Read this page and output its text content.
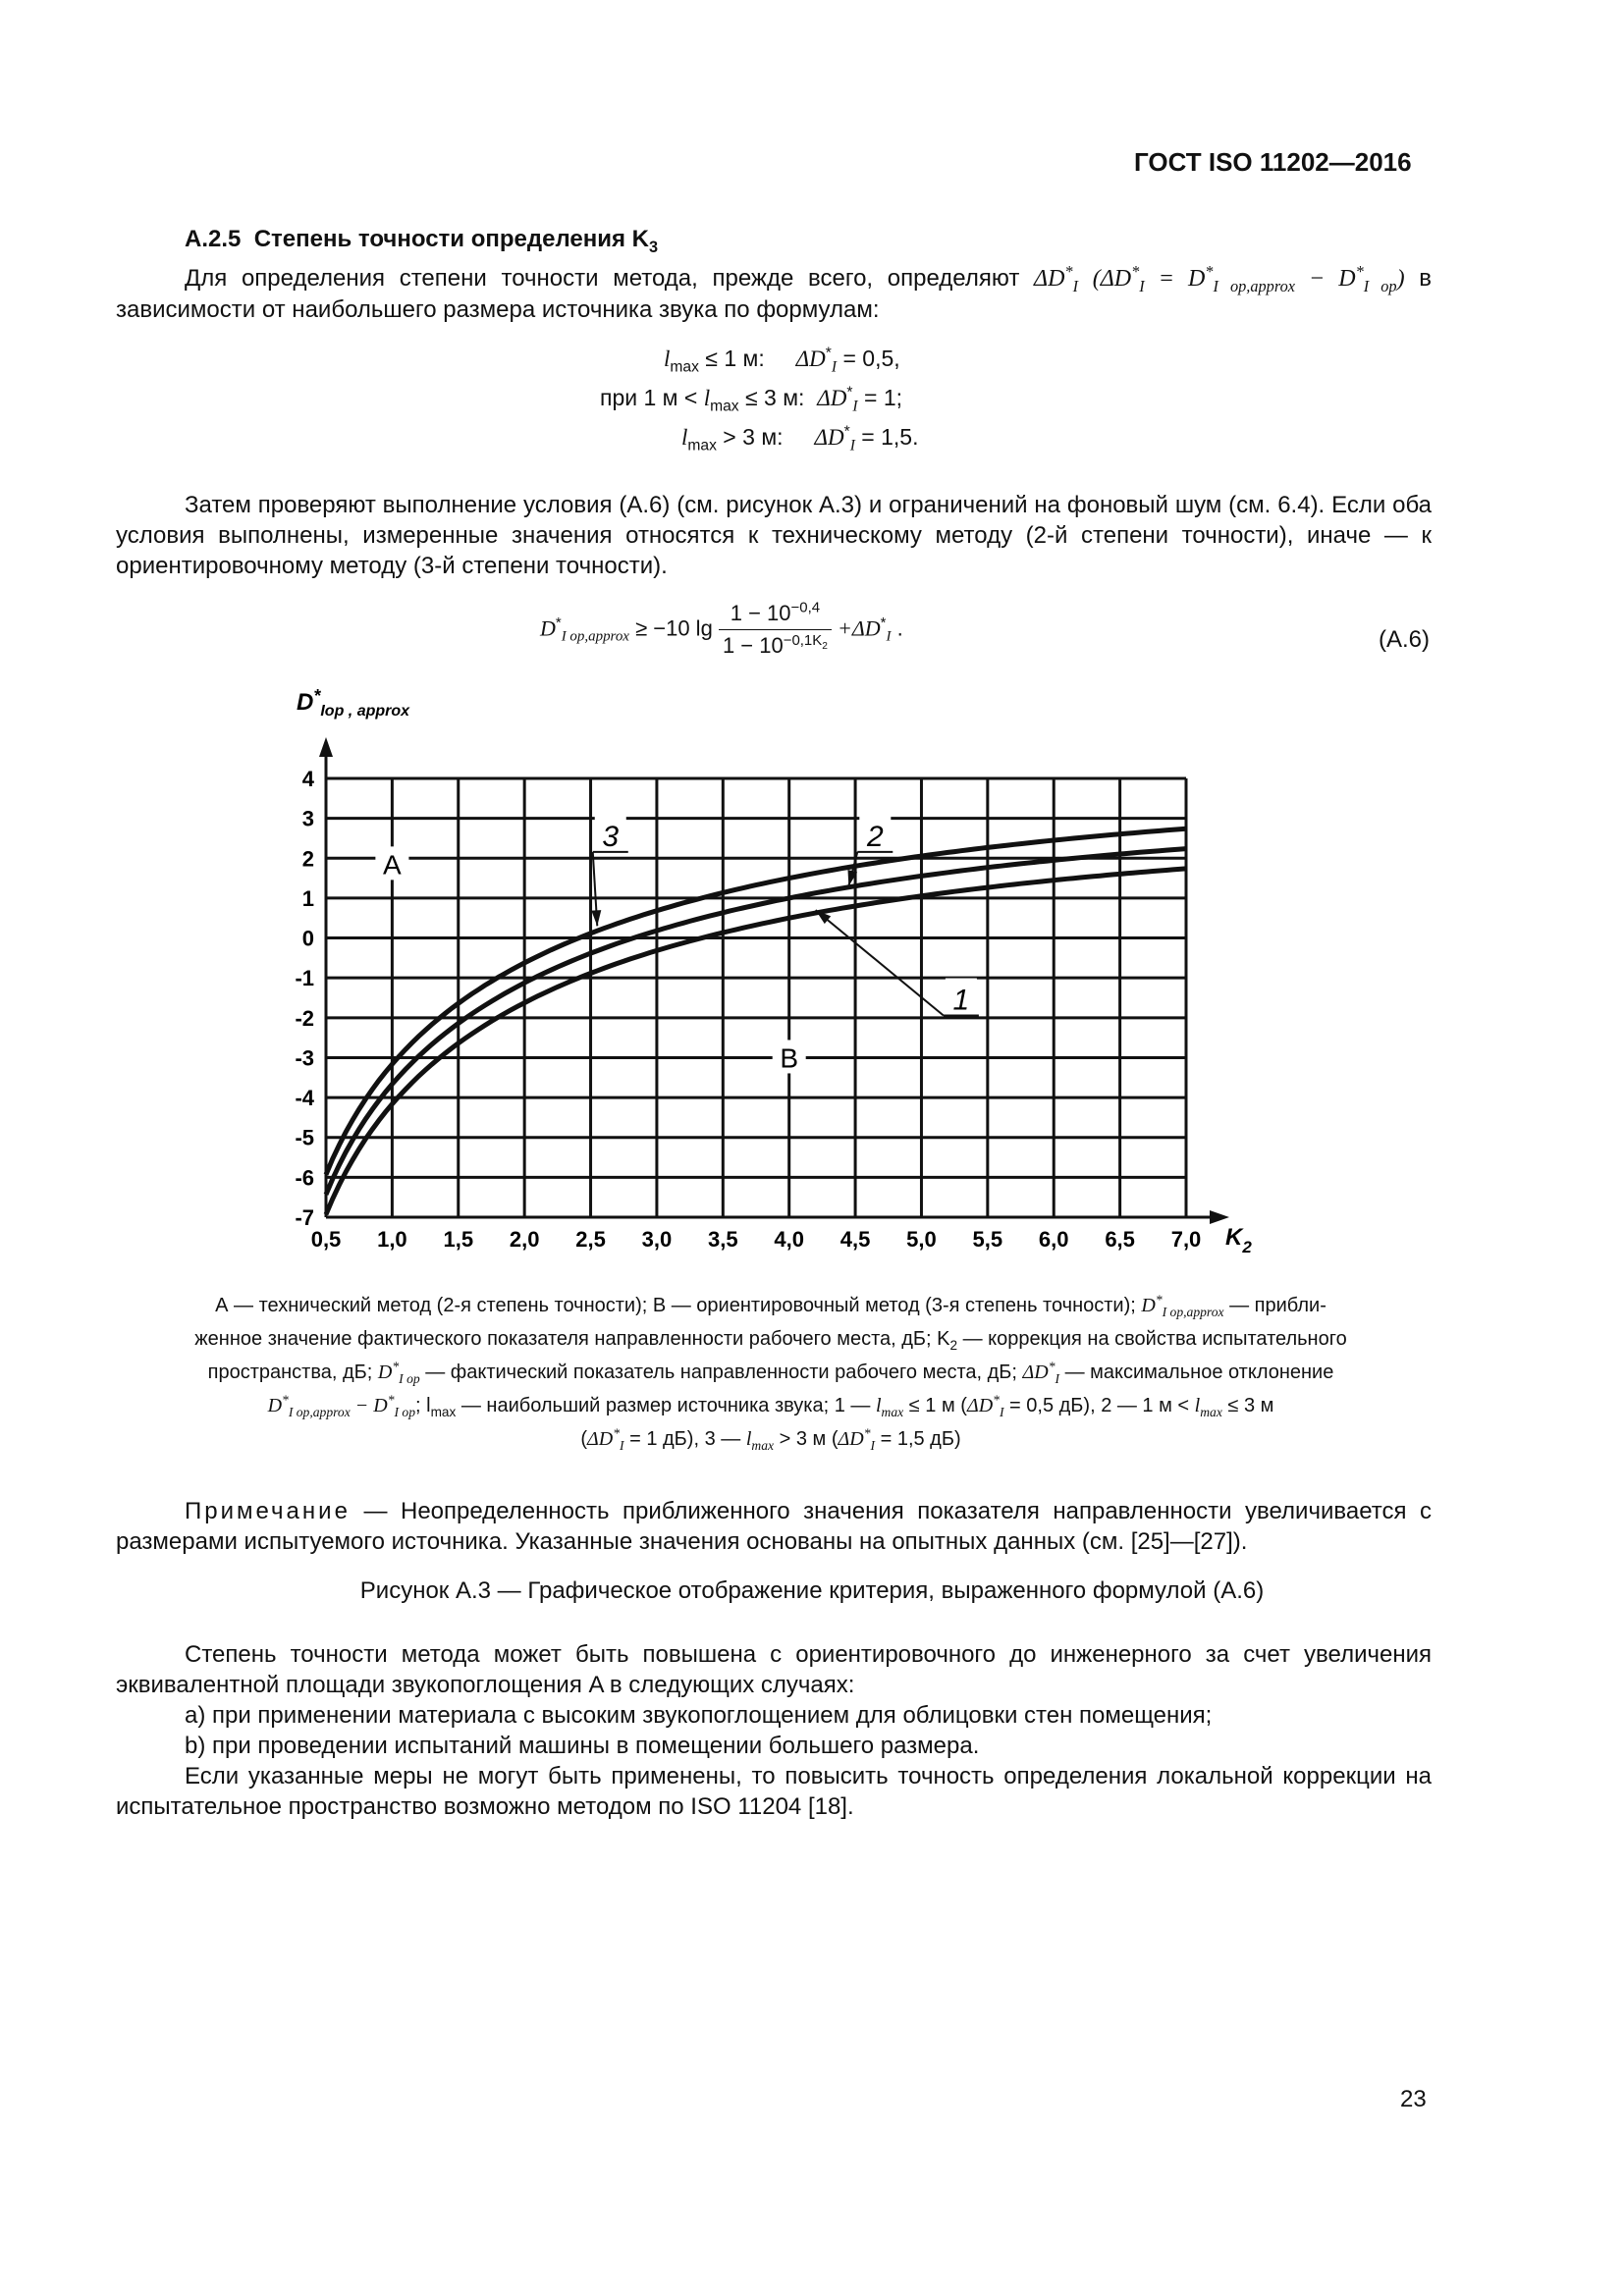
ГОСТ ISO 11202—2016
А.2.5 Степень точности определения $K_3$
Для определения степени точности метода, прежде всего, определяют $\Delta D^*_I$ $(\Delta D^*_I = D^*_{I op,approx} - D^*_{I op})$ в зависимости от наибольшего размера источника звука по формулам:
$l_{max} \le 1$ м: $\Delta D^*_I = 0,5$,
при 1 $м < l_{max} \le 3$ м: $\Delta D^*_I = 1$;
$l_{max} > 3$ м: $\Delta D^*_I = 1,5$.
Затем проверяют выполнение условия (А.6) (см. рисунок А.3) и ограничений на фоновый шум (см. 6.4). Если оба условия выполнены, измеренные значения относятся к техническому методу (2-й степени точности), иначе — к ориентировочному методу (3-й степени точности).
$D^*_{I op,approx} \ge -10$ $\lg \frac{1 - 10^{-0,4}}{1 - 10^{-0,1K_2}} +\Delta D^*_I$ .	(А.6)
0,5 1,0 1,5 2,0 2,5 3,0 3,5 4,0 4,5 5,0 5,5 6,0 6,5 7,0
4
3
2
1
0
-1
-2
-3
-4
-5
-6
-7
A
B
3	2
1
$D^*_{Iop , approx}$
$K_2$
А — технический метод (2-я степень точности); В — ориентировочный метод (3-я степень точности); $D^*_{I op,approx}$ — прибли-
женное значение фактического показателя направленности рабочего места, дБ; $K_2$ — коррекция на свойства испытательного
пространства, дБ; $D^*_{I op}$ — фактический показатель направленности рабочего места, дБ; $\Delta D^*_I$ — максимальное отклонение
$D^*_{I op,approx} - D^*_{I op}$; $l_{max}$ — наибольший размер источника звука; 1 — $l_{max} \le 1$ м ($\Delta D^*_I = 0,5$ дБ), 2 — 1 $м < l_{max} \le 3$ м
($\Delta D^*_I = 1$ дБ), 3 — $l_{max} > 3$ м ($\Delta D^*_I = 1,5$ дБ)
Примечание — Неопределенность приближенного значения показателя направленности увеличивается с размерами испытуемого источника. Указанные значения основаны на опытных данных (см. [25]—[27]).
Рисунок А.3 — Графическое отображение критерия, выраженного формулой (А.6)
Степень точности метода может быть повышена с ориентировочного до инженерного за счет увеличения эквивалентной площади звукопоглощения A в следующих случаях:
a) при применении материала с высоким звукопоглощением для облицовки стен помещения;
b) при проведении испытаний машины в помещении большего размера.
Если указанные меры не могут быть применены, то повысить точность определения локальной коррекции на испытательное пространство возможно методом по ISO 11204 [18].
23
